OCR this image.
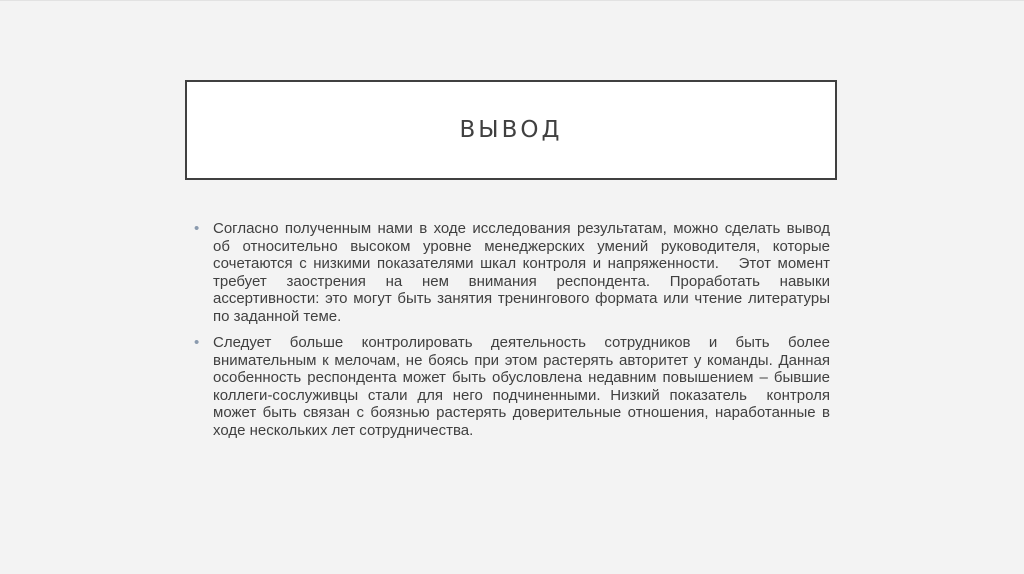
ВЫВОД
• Согласно полученным нами в ходе исследования результатам, можно сделать вывод об относительно высоком уровне менеджерских умений руководителя, которые сочетаются с низкими показателями шкал контроля и напряженности.   Этот момент требует заострения на нем внимания респондента. Проработать навыки ассертивности: это могут быть занятия тренингового формата или чтение литературы по заданной теме.
• Следует больше контролировать деятельность сотрудников и быть более внимательным к мелочам, не боясь при этом растерять авторитет у команды. Данная особенность респондента может быть обусловлена недавним повышением – бывшие коллеги-сослуживцы стали для него подчиненными. Низкий показатель  контроля может быть связан с боязнью растерять доверительные отношения, наработанные в ходе нескольких лет сотрудничества.
